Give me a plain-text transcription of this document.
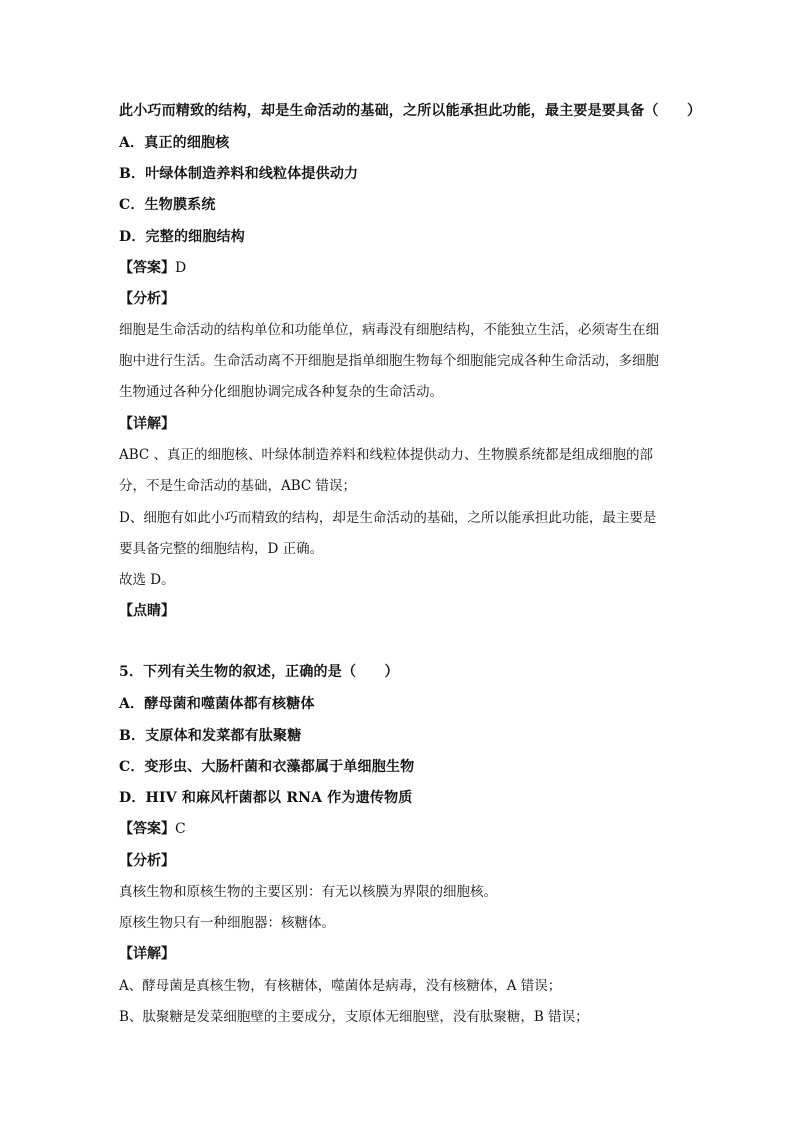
此小巧而精致的结构，却是生命活动的基础，之所以能承担此功能，最主要是要具备（　　）
A．真正的细胞核
B．叶绿体制造养料和线粒体提供动力
C．生物膜系统
D．完整的细胞结构
【答案】D
【分析】
细胞是生命活动的结构单位和功能单位，病毒没有细胞结构，不能独立生活，必须寄生在细
胞中进行生活。生命活动离不开细胞是指单细胞生物每个细胞能完成各种生命活动，多细胞
生物通过各种分化细胞协调完成各种复杂的生命活动。
【详解】
ABC 、真正的细胞核、叶绿体制造养料和线粒体提供动力、生物膜系统都是组成细胞的部
分，不是生命活动的基础，ABC 错误；
D、细胞有如此小巧而精致的结构，却是生命活动的基础，之所以能承担此功能，最主要是
要具备完整的细胞结构，D 正确。
故选 D。
【点睛】
5．下列有关生物的叙述，正确的是（　　）
A．酵母菌和噬菌体都有核糖体
B．支原体和发菜都有肽聚糖
C．变形虫、大肠杆菌和衣藻都属于单细胞生物
D．HIV 和麻风杆菌都以 RNA 作为遗传物质
【答案】C
【分析】
真核生物和原核生物的主要区别：有无以核膜为界限的细胞核。
原核生物只有一种细胞器：核糖体。
【详解】
A、酵母菌是真核生物，有核糖体，噬菌体是病毒，没有核糖体，A 错误；
B、肽聚糖是发菜细胞壁的主要成分，支原体无细胞壁，没有肽聚糖，B 错误；
